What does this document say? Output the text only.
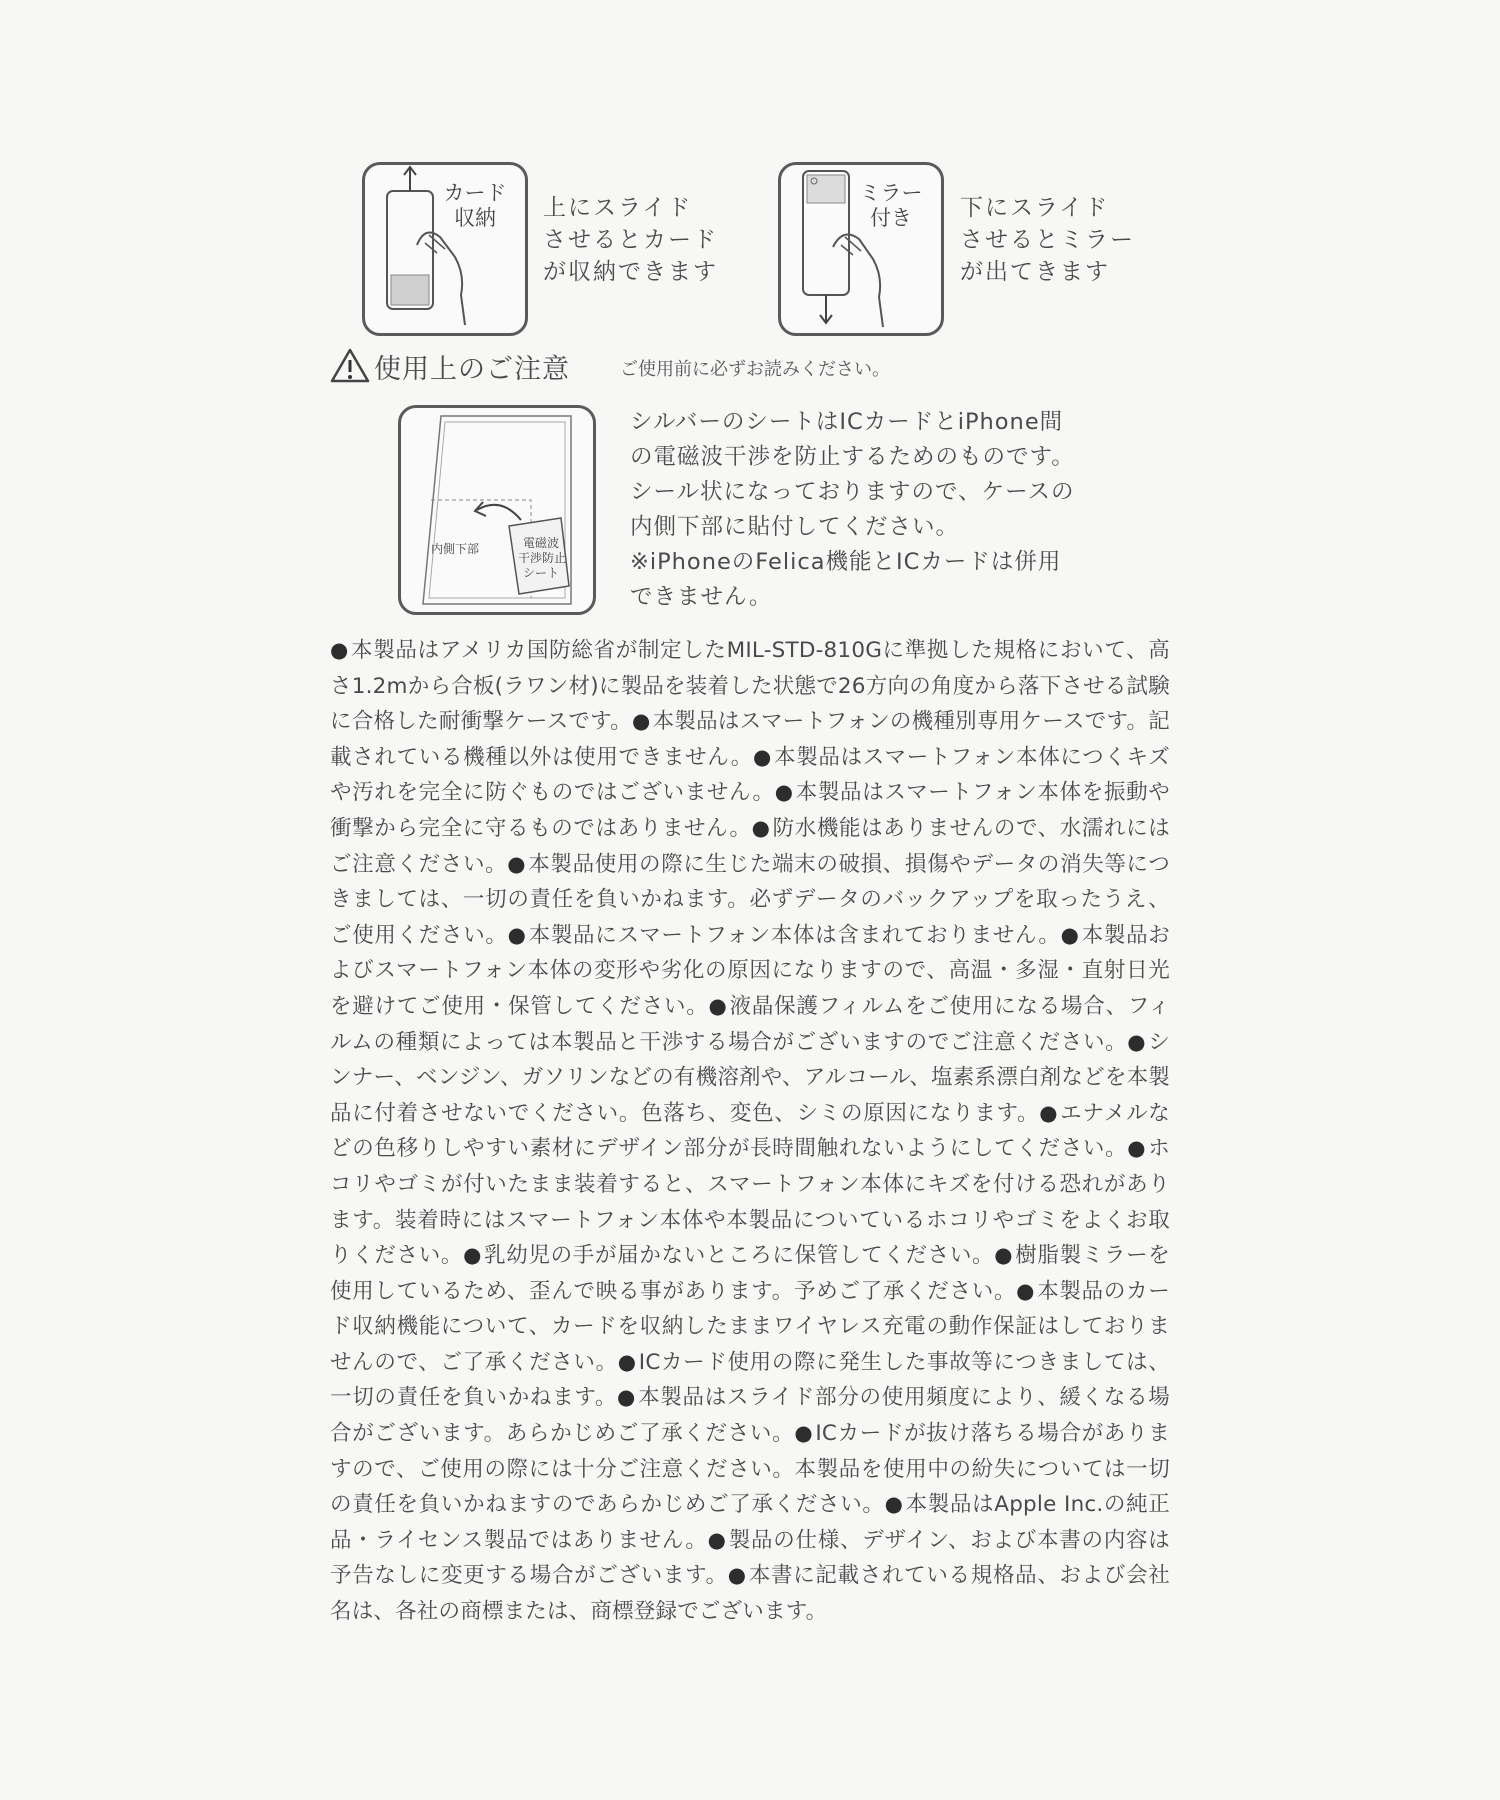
カード
収納	上にスライド
させるとカード
が収納できます
ミラー
付き	下にスライド
させるとミラー
が出てきます
使用上のご注意	ご使用前に必ずお読みください。
内側下部	電磁波
干渉防止
シート
シルバーのシートはICカードとiPhone間
の電磁波干渉を防止するためのものです。
シール状になっておりますので、ケースの
内側下部に貼付してください。
※iPhoneのFelica機能とICカードは併用
できません。
● 本製品はアメリカ国防総省が制定したMIL-STD-810Gに準拠した規格において、高さ1.2mから合板(ラワン材)に製品を装着した状態で26方向の角度から落下させる試験に合格した耐衝撃ケースです。 ● 本製品はスマートフォンの機種別専用ケースです。記載されている機種以外は使用できません。 ● 本製品はスマートフォン本体につくキズや汚れを完全に防ぐものではございません。 ● 本製品はスマートフォン本体を振動や衝撃から完全に守るものではありません。 ● 防水機能はありませんので、水濡れにはご注意ください。 ● 本製品使用の際に生じた端末の破損、損傷やデータの消失等につきましては、一切の責任を負いかねます。必ずデータのバックアップを取ったうえ、ご使用ください。 ● 本製品にスマートフォン本体は含まれておりません。 ● 本製品およびスマートフォン本体の変形や劣化の原因になりますので、高温・多湿・直射日光を避けてご使用・保管してください。 ● 液晶保護フィルムをご使用になる場合、フィルムの種類によっては本製品と干渉する場合がございますのでご注意ください。 ● シンナー、ベンジン、ガソリンなどの有機溶剤や、アルコール、塩素系漂白剤などを本製品に付着させないでください。色落ち、変色、シミの原因になります。 ● エナメルなどの色移りしやすい素材にデザイン部分が長時間触れないようにしてください。 ● ホコリやゴミが付いたまま装着すると、スマートフォン本体にキズを付ける恐れがあります。装着時にはスマートフォン本体や本製品についているホコリやゴミをよくお取りください。 ● 乳幼児の手が届かないところに保管してください。 ● 樹脂製ミラーを使用しているため、歪んで映る事があります。予めご了承ください。 ● 本製品のカード収納機能について、カードを収納したままワイヤレス充電の動作保証はしておりませんので、ご了承ください。 ● ICカード使用の際に発生した事故等につきましては、一切の責任を負いかねます。 ● 本製品はスライド部分の使用頻度により、緩くなる場合がございます。あらかじめご了承ください。 ● ICカードが抜け落ちる場合がありますので、ご使用の際には十分ご注意ください。本製品を使用中の紛失については一切の責任を負いかねますのであらかじめご了承ください。 ● 本製品はApple Inc.の純正品・ライセンス製品ではありません。 ● 製品の仕様、デザイン、および本書の内容は予告なしに変更する場合がございます。 ● 本書に記載されている規格品、および会社名は、各社の商標または、商標登録でございます。
